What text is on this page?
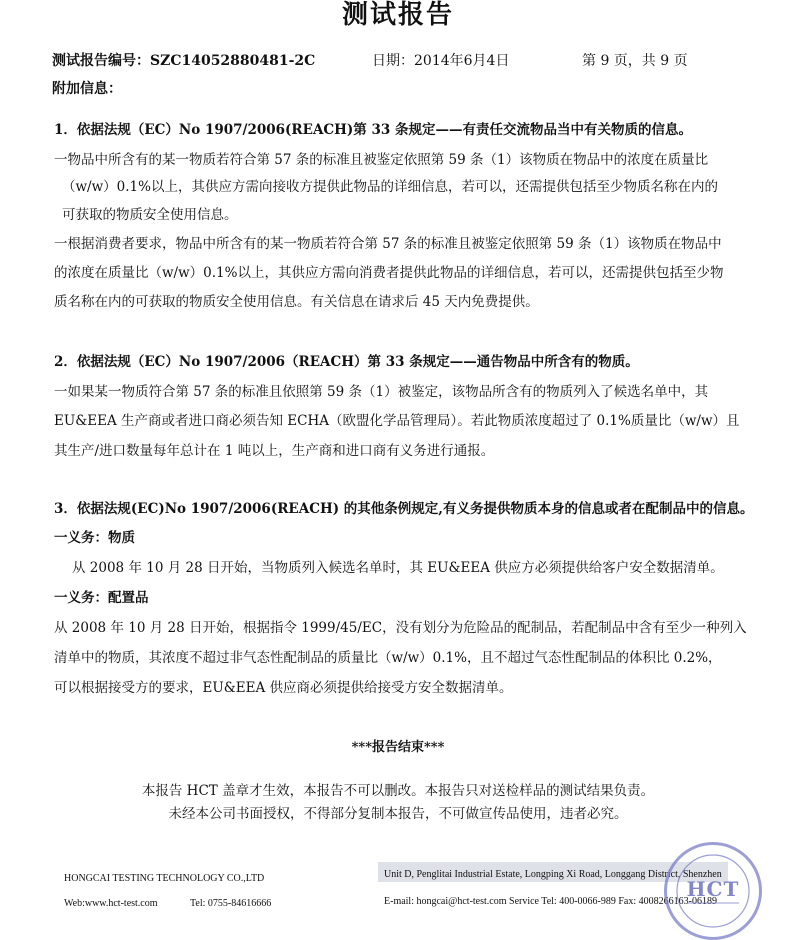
测试报告
测试报告编号：SZC14052880481-2C	日期：2014年6月4日	第 9 页，共 9 页
附加信息：
1．依据法规（EC）No 1907/2006(REACH)第 33 条规定——有责任交流物品当中有关物质的信息。
一物品中所含有的某一物质若符合第 57 条的标准且被鉴定依照第 59 条（1）该物质在物品中的浓度在质量比
（w/w）0.1%以上，其供应方需向接收方提供此物品的详细信息，若可以，还需提供包括至少物质名称在内的
可获取的物质安全使用信息。
一根据消费者要求，物品中所含有的某一物质若符合第 57 条的标准且被鉴定依照第 59 条（1）该物质在物品中
的浓度在质量比（w/w）0.1%以上，其供应方需向消费者提供此物品的详细信息，若可以，还需提供包括至少物
质名称在内的可获取的物质安全使用信息。有关信息在请求后 45 天内免费提供。
2．依据法规（EC）No 1907/2006（REACH）第 33 条规定——通告物品中所含有的物质。
一如果某一物质符合第 57 条的标准且依照第 59 条（1）被鉴定，该物品所含有的物质列入了候选名单中，其
EU&EEA 生产商或者进口商必须告知 ECHA（欧盟化学品管理局）。若此物质浓度超过了 0.1%质量比（w/w）且
其生产/进口数量每年总计在 1 吨以上，生产商和进口商有义务进行通报。
3．依据法规(EC)No 1907/2006(REACH) 的其他条例规定,有义务提供物质本身的信息或者在配制品中的信息。
一义务：物质
从 2008 年 10 月 28 日开始，当物质列入候选名单时，其 EU&EEA 供应方必须提供给客户安全数据清单。
一义务：配置品
从 2008 年 10 月 28 日开始，根据指令 1999/45/EC，没有划分为危险品的配制品，若配制品中含有至少一种列入
清单中的物质，其浓度不超过非气态性配制品的质量比（w/w）0.1%，且不超过气态性配制品的体积比 0.2%，
可以根据接受方的要求，EU&EEA 供应商必须提供给接受方安全数据清单。
***报告结束***
本报告 HCT 盖章才生效，本报告不可以删改。本报告只对送检样品的测试结果负责。
未经本公司书面授权，不得部分复制本报告，不可做宣传品使用，违者必究。
HONGCAI TESTING TECHNOLOGY CO.,LTD	Unit D, Penglitai Industrial Estate, Longping Xi Road, Longgang District, Shenzhen
Web:www.hct-test.com	Tel: 0755-84616666	E-mail: hongcai@hct-test.com Service Tel: 400-0066-989 Fax: 4008266163-06189
HCT
